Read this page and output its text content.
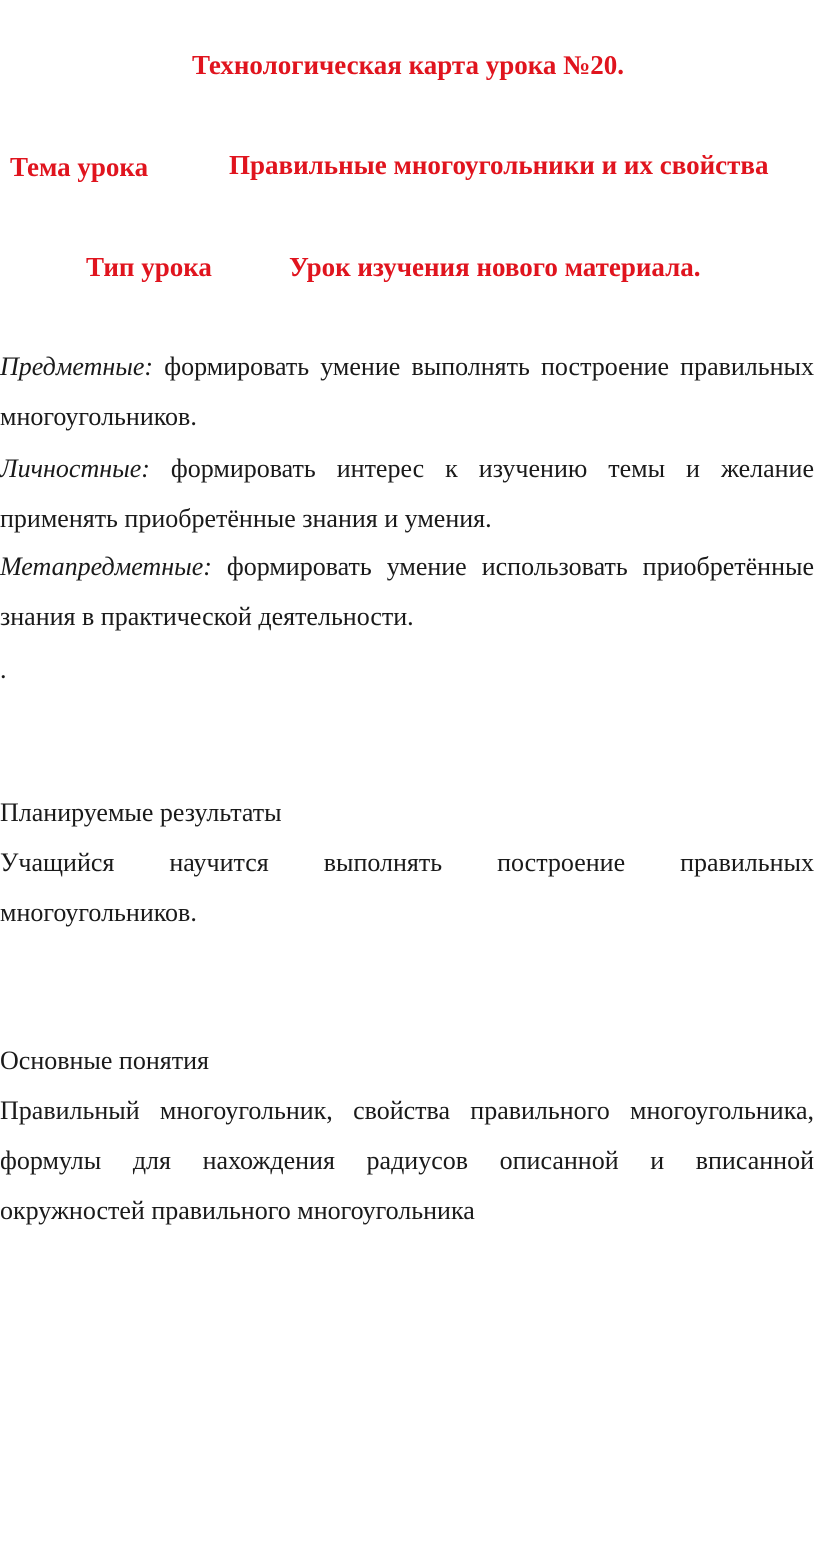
Технологическая карта урока №20.
Тема урока	Правильные многоугольники и их свойства
Тип урока	Урок изучения нового материала.
Предметные: формировать умение выполнять построение правильных многоугольников.
Личностные: формировать интерес к изучению темы и желание применять приобретённые знания и умения.
Метапредметные: формировать умение использовать приобретённые знания в практической деятельности.
.
Планируемые результаты
Учащийся научится выполнять построение правильных многоугольников.
Основные понятия
Правильный многоугольник, свойства правильного многоугольника, формулы для нахождения радиусов описанной и вписанной окружностей правильного многоугольника
